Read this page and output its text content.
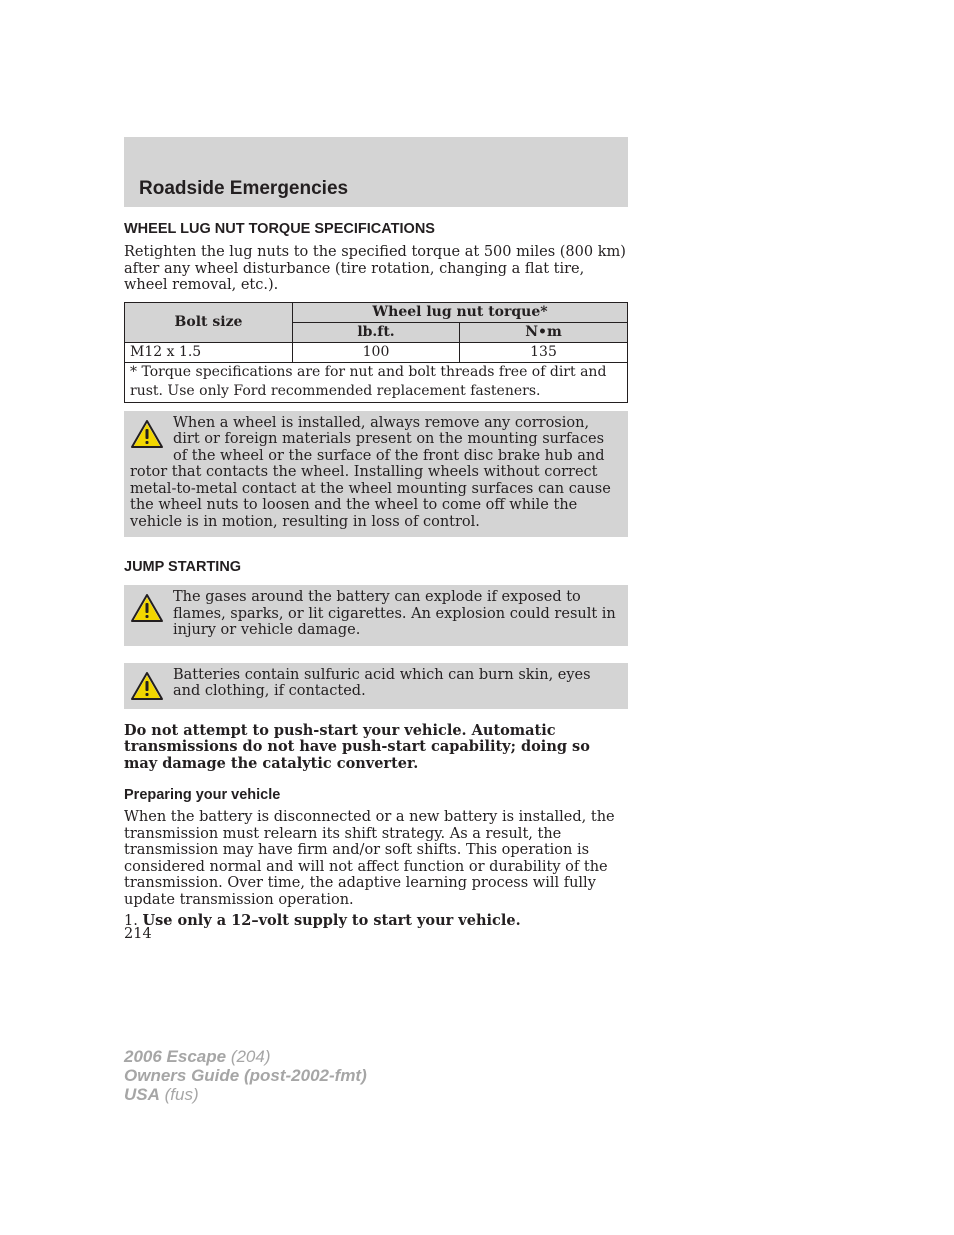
Roadside Emergencies
WHEEL LUG NUT TORQUE SPECIFICATIONS

Retighten the lug nuts to the specified torque at 500 miles (800 km) after any wheel disturbance (tire rotation, changing a flat tire, wheel removal, etc.).

Bolt size	Wheel lug nut torque*	
	lb.ft.	N•m
M12 x 1.5	100	135
* Torque specifications are for nut and bolt threads free of dirt and rust. Use only Ford recommended replacement fasteners.		
When a wheel is installed, always remove any corrosion, dirt or foreign materials present on the mounting surfaces of the wheel or the surface of the front disc brake hub and rotor that contacts the wheel. Installing wheels without correct metal-to-metal contact at the wheel mounting surfaces can cause the wheel nuts to loosen and the wheel to come off while the vehicle is in motion, resulting in loss of control.
JUMP STARTING
The gases around the battery can explode if exposed to flames, sparks, or lit cigarettes. An explosion could result in injury or vehicle damage.
Batteries contain sulfuric acid which can burn skin, eyes and clothing, if contacted.

Do not attempt to push-start your vehicle. Automatic transmissions do not have push-start capability; doing so may damage the catalytic converter.

Preparing your vehicle

When the battery is disconnected or a new battery is installed, the transmission must relearn its shift strategy. As a result, the transmission may have firm and/or soft shifts. This operation is considered normal and will not affect function or durability of the transmission. Over time, the adaptive learning process will fully update transmission operation.

1. Use only a 12–volt supply to start your vehicle.

214
2006 Escape (204)
Owners Guide (post-2002-fmt)
USA (fus)
